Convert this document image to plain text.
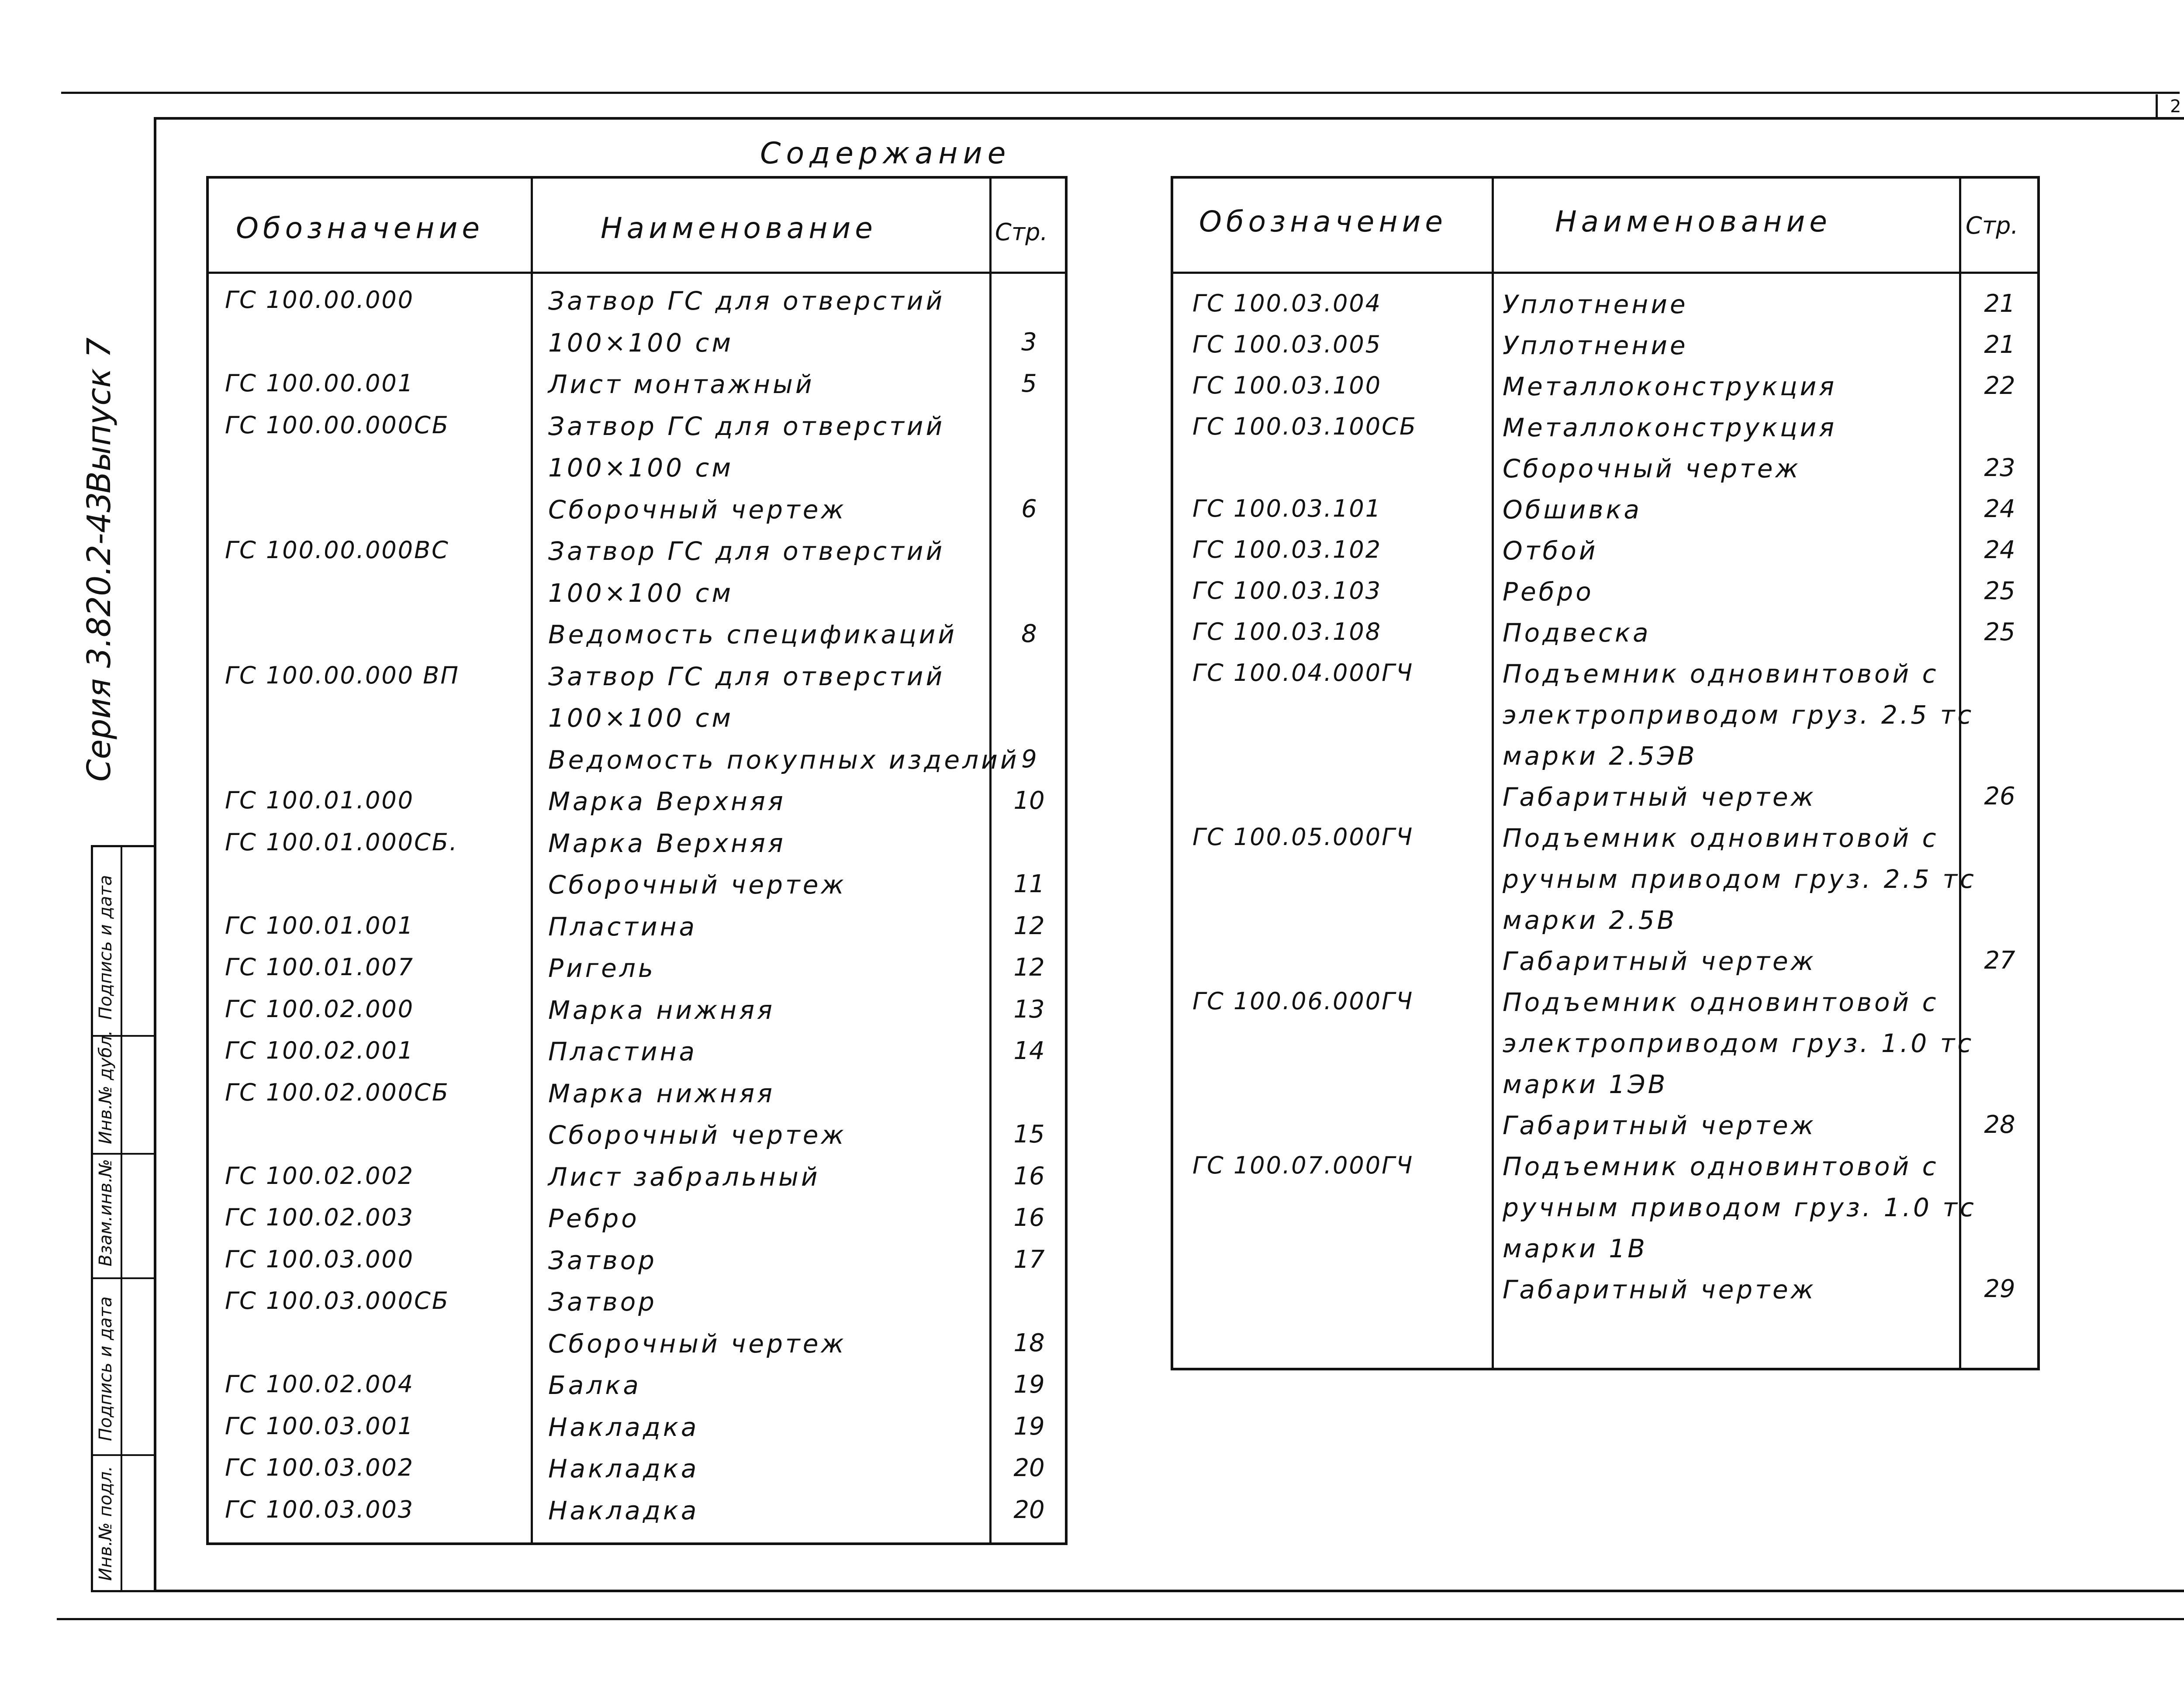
2
Серия 3.820.2-43
Выпуск 7
Подпись и дата
Инв.№ дубл.
Взам.инв.№
Подпись и дата
Инв.№ подл.
Содержание
Обозначение	Наименование	Стр.
ГС 100.00.000	Затвор ГС для отверстий
100×100 см	3
ГС 100.00.001	Лист монтажный	5
ГС 100.00.000СБ	Затвор ГС для отверстий
100×100 см
Сборочный чертеж	6
ГС 100.00.000ВС	Затвор ГС для отверстий
100×100 см
Ведомость спецификаций	8
ГС 100.00.000 ВП	Затвор ГС для отверстий
100×100 см
Ведомость покупных изделий 9
ГС 100.01.000	Марка Верхняя	10
ГС 100.01.000СБ.	Марка Верхняя
Сборочный чертеж	11
ГС 100.01.001	Пластина	12
ГС 100.01.007	Ригель	12
ГС 100.02.000	Марка нижняя	13
ГС 100.02.001	Пластина	14
ГС 100.02.000СБ	Марка нижняя
Сборочный чертеж	15
ГС 100.02.002	Лист забральный	16
ГС 100.02.003	Ребро	16
ГС 100.03.000	Затвор	17
ГС 100.03.000СБ	Затвор
Сборочный чертеж	18
ГС 100.02.004	Балка	19
ГС 100.03.001	Накладка	19
ГС 100.03.002	Накладка	20
ГС 100.03.003	Накладка	20
Обозначение	Наименование	Стр.
ГС 100.03.004	Уплотнение	21
ГС 100.03.005	Уплотнение	21
ГС 100.03.100	Металлоконструкция	22
ГС 100.03.100СБ	Металлоконструкция
Сборочный чертеж	23
ГС 100.03.101	Обшивка	24
ГС 100.03.102	Отбой	24
ГС 100.03.103	Ребро	25
ГС 100.03.108	Подвеска	25
ГС 100.04.000ГЧ	Подъемник одновинтовой с
электроприводом груз. 2.5 тс
марки 2.5ЭВ
Габаритный чертеж	26
ГС 100.05.000ГЧ	Подъемник одновинтовой с
ручным приводом груз. 2.5 тс
марки 2.5В
Габаритный чертеж	27
ГС 100.06.000ГЧ	Подъемник одновинтовой с
электроприводом груз. 1.0 тс
марки 1ЭВ
Габаритный чертеж	28
ГС 100.07.000ГЧ	Подъемник одновинтовой с
ручным приводом груз. 1.0 тс
марки 1В
Габаритный чертеж	29
